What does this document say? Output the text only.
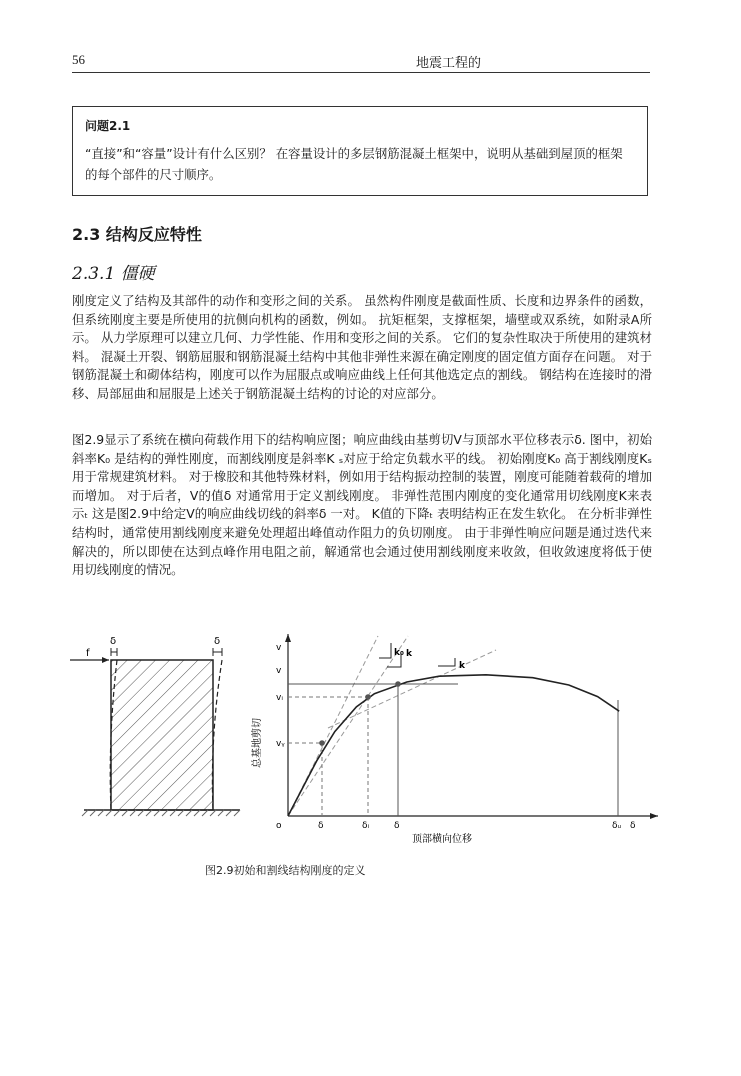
56	地震工程的
问题2.1
“直接”和“容量”设计有什么区别？ 在容量设计的多层钢筋混凝土框架中，说明从基础到屋顶的框架的每个部件的尺寸顺序。
2.3 结构反应特性
2.3.1 僵硬
刚度定义了结构及其部件的动作和变形之间的关系。 虽然构件刚度是截面性质、长度和边界条件的函数，但系统刚度主要是所使用的抗侧向机构的函数，例如。 抗矩框架，支撑框架，墙壁或双系统，如附录A所示。 从力学原理可以建立几何、力学性能、作用和变形之间的关系。 它们的复杂性取决于所使用的建筑材料。 混凝土开裂、钢筋屈服和钢筋混凝土结构中其他非弹性来源在确定刚度的固定值方面存在问题。 对于钢筋混凝土和砌体结构，刚度可以作为屈服点或响应曲线上任何其他选定点的割线。 钢结构在连接时的滑移、局部屈曲和屈服是上述关于钢筋混凝土结构的讨论的对应部分。
图2.9显示了系统在横向荷载作用下的结构响应图；响应曲线由基剪切V与顶部水平位移表示δ. 图中，初始斜率K₀ 是结构的弹性刚度，而割线刚度是斜率K ₛ对应于给定负载水平的线。 初始刚度K₀ 高于割线刚度Kₛ 用于常规建筑材料。 对于橡胶和其他特殊材料，例如用于结构振动控制的装置，刚度可能随着载荷的增加而增加。 对于后者，V的值δ 对通常用于定义割线刚度。 非弹性范围内刚度的变化通常用切线刚度K来表示ₜ 这是图2.9中给定V的响应曲线切线的斜率δ 一对。 K值的下降ₜ 表明结构正在发生软化。 在分析非弹性结构时，通常使用割线刚度来避免处理超出峰值动作阻力的负切刚度。 由于非弹性响应问题是通过迭代来解决的，所以即使在达到点峰作用电阻之前，解通常也会通过使用割线刚度来收敛，但收敛速度将低于使用切线刚度的情况。
f
δ	δ
k₀ k
k
v
v
vᵢ
vᵧ
o	δ	δᵢ	δ	δᵤ δ
顶部横向位移
总基地剪切
图2.9初始和割线结构刚度的定义
